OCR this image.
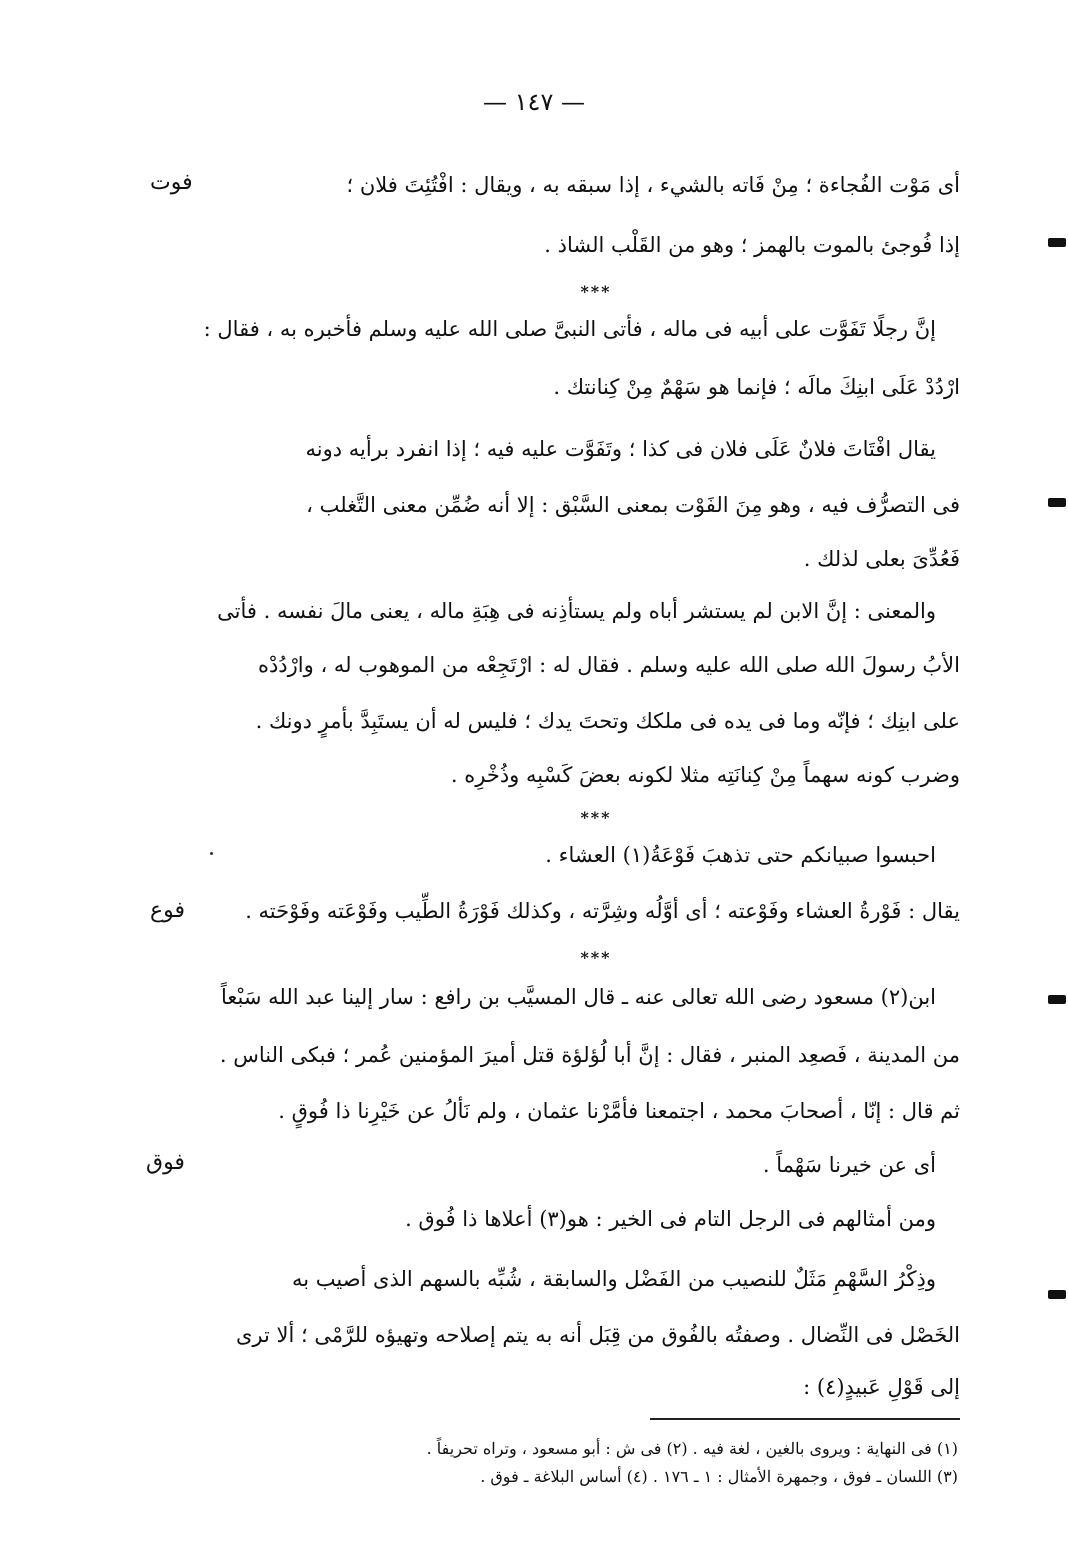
— ١٤٧ —
أى مَوْت الفُجاءة ؛ مِنْ فَاته بالشيء ، إذا سبقه به ، ويقال : افْتُئِتَ فلان ؛
إذا فُوجئ بالموت بالهمز ؛ وهو من القَلْب الشاذ .
***
إنَّ رجلًا تَفَوَّت على أبيه فى ماله ، فأتى النبىَّ صلى الله عليه وسلم فأخبره به ، فقال :
ارْدُدْ عَلَى ابنِكَ مالَه ؛ فإنما هو سَهْمٌ مِنْ كِنانتك .
يقال افْتَاتَ فلانٌ عَلَى فلان فى كذا ؛ وتَفَوَّت عليه فيه ؛ إذا انفرد برأيه دونه
فى التصرُّف فيه ، وهو مِنَ الفَوْت بمعنى السَّبْق : إلا أنه ضُمِّن معنى التَّغلب ،
فَعُدِّىَ بعلى لذلك .
والمعنى : إنَّ الابن لم يستشر أباه ولم يستأذِنه فى هِبَةِ ماله ، يعنى مالَ نفسه . فأتى
الأبُ رسولَ الله صلى الله عليه وسلم . فقال له : ارْتَجِعْه من الموهوب له ، وارْدُدْه
على ابنِك ؛ فإنّه وما فى يده فى ملكك وتحتَ يدك ؛ فليس له أن يستَبِدَّ بأمرٍ دونك .
وضرب كونه سهماً مِنْ كِنانَتِه مثلا لكونه بعضَ كَسْبِه وذُخْرِه .
***
احبسوا صبيانكم حتى تذهبَ فَوْعَةُ(١) العشاء .
يقال : فَوْرةُ العشاء وفَوْعته ؛ أى أوَّلُه وشِرَّته ، وكذلك فَوْرَةُ الطِّيب وفَوْعَته وفَوْحَته .
***
ابن(٢) مسعود رضى الله تعالى عنه ـ قال المسيَّب بن رافع : سار إلينا عبد الله سَبْعاً
من المدينة ، فَصعِد المنبر ، فقال : إنَّ أبا لُؤلؤة قتل أميرَ المؤمنين عُمر ؛ فبكى الناس .
ثم قال : إنّا ، أصحابَ محمد ، اجتمعنا فأمَّرْنا عثمان ، ولم نَألُ عن خَيْرِنا ذا فُوقٍ .
أى عن خيرنا سَهْماً .
ومن أمثالهم فى الرجل التام فى الخير : هو(٣) أعلاها ذا فُوق .
وذِكْرُ السَّهْمِ مَثَلٌ للنصيب من الفَضْل والسابقة ، شُبِّه بالسهم الذى أصيب به
الخَصْل فى النِّضال . وصفتُه بالفُوق من قِبَل أنه به يتم إصلاحه وتهيؤه للرَّمْى ؛ ألا ترى
إلى قَوْلِ عَبيدٍ(٤) :
فوت
فوع
فوق
(١) فى النهاية : ويروى بالغين ، لغة فيه . (٢) فى ش : أبو مسعود ، وتراه تحريفاً .
(٣) اللسان ـ فوق ، وجمهرة الأمثال : ١ ـ ١٧٦ . (٤) أساس البلاغة ـ فوق .
